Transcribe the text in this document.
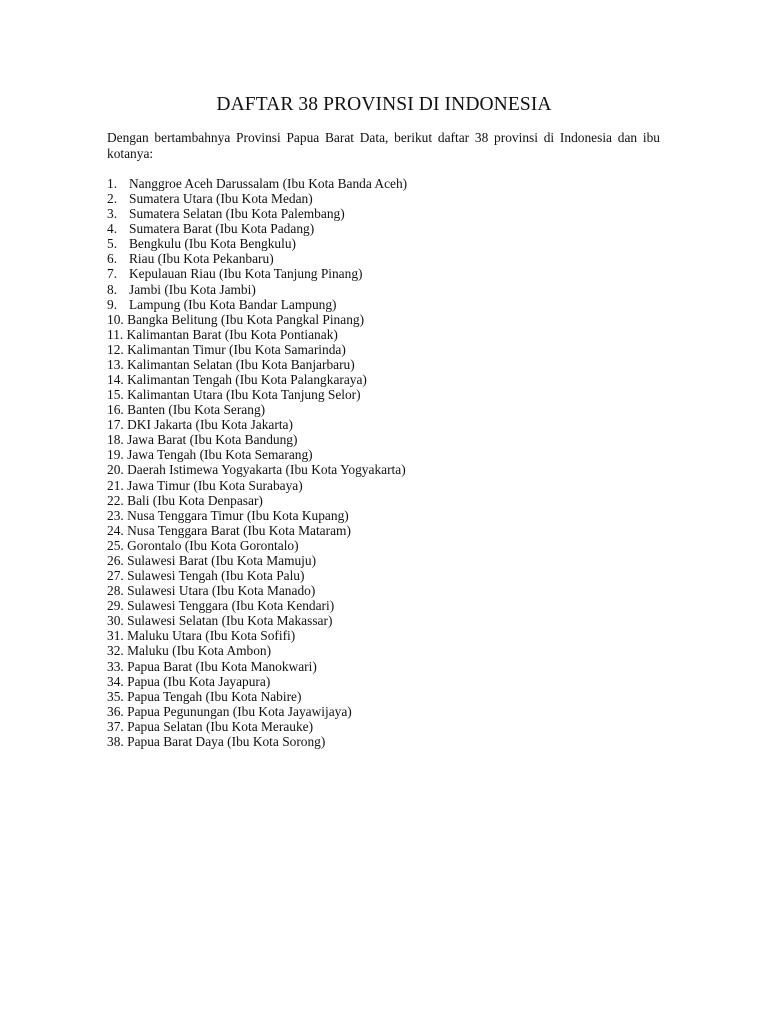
DAFTAR 38 PROVINSI DI INDONESIA

Dengan bertambahnya Provinsi Papua Barat Data, berikut daftar 38 provinsi di Indonesia dan ibu kotanya:

1. Nanggroe Aceh Darussalam (Ibu Kota Banda Aceh)
2. Sumatera Utara (Ibu Kota Medan)
3. Sumatera Selatan (Ibu Kota Palembang)
4. Sumatera Barat (Ibu Kota Padang)
5. Bengkulu (Ibu Kota Bengkulu)
6. Riau (Ibu Kota Pekanbaru)
7. Kepulauan Riau (Ibu Kota Tanjung Pinang)
8. Jambi (Ibu Kota Jambi)
9. Lampung (Ibu Kota Bandar Lampung)
10. Bangka Belitung (Ibu Kota Pangkal Pinang)
11. Kalimantan Barat (Ibu Kota Pontianak)
12. Kalimantan Timur (Ibu Kota Samarinda)
13. Kalimantan Selatan (Ibu Kota Banjarbaru)
14. Kalimantan Tengah (Ibu Kota Palangkaraya)
15. Kalimantan Utara (Ibu Kota Tanjung Selor)
16. Banten (Ibu Kota Serang)
17. DKI Jakarta (Ibu Kota Jakarta)
18. Jawa Barat (Ibu Kota Bandung)
19. Jawa Tengah (Ibu Kota Semarang)
20. Daerah Istimewa Yogyakarta (Ibu Kota Yogyakarta)
21. Jawa Timur (Ibu Kota Surabaya)
22. Bali (Ibu Kota Denpasar)
23. Nusa Tenggara Timur (Ibu Kota Kupang)
24. Nusa Tenggara Barat (Ibu Kota Mataram)
25. Gorontalo (Ibu Kota Gorontalo)
26. Sulawesi Barat (Ibu Kota Mamuju)
27. Sulawesi Tengah (Ibu Kota Palu)
28. Sulawesi Utara (Ibu Kota Manado)
29. Sulawesi Tenggara (Ibu Kota Kendari)
30. Sulawesi Selatan (Ibu Kota Makassar)
31. Maluku Utara (Ibu Kota Sofifi)
32. Maluku (Ibu Kota Ambon)
33. Papua Barat (Ibu Kota Manokwari)
34. Papua (Ibu Kota Jayapura)
35. Papua Tengah (Ibu Kota Nabire)
36. Papua Pegunungan (Ibu Kota Jayawijaya)
37. Papua Selatan (Ibu Kota Merauke)
38. Papua Barat Daya (Ibu Kota Sorong)
